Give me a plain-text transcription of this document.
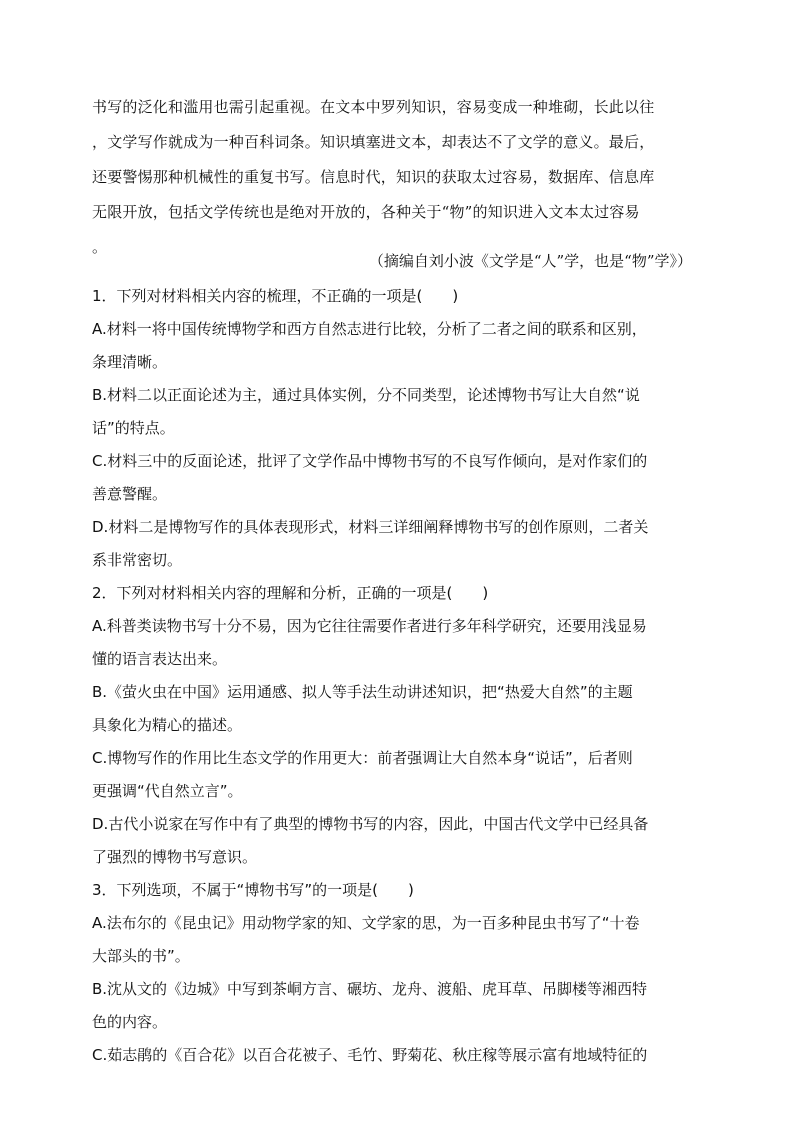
书写的泛化和滥用也需引起重视。在文本中罗列知识，容易变成一种堆砌，长此以往
，文学写作就成为一种百科词条。知识填塞进文本，却表达不了文学的意义。最后，
还要警惕那种机械性的重复书写。信息时代，知识的获取太过容易，数据库、信息库
无限开放，包括文学传统也是绝对开放的，各种关于“物”的知识进入文本太过容易
。
（摘编自刘小波《文学是“人”学，也是“物”学》）
1．下列对材料相关内容的梳理，不正确的一项是(　　)
A.材料一将中国传统博物学和西方自然志进行比较，分析了二者之间的联系和区别，
条理清晰。
B.材料二以正面论述为主，通过具体实例，分不同类型，论述博物书写让大自然“说
话”的特点。
C.材料三中的反面论述，批评了文学作品中博物书写的不良写作倾向，是对作家们的
善意警醒。
D.材料二是博物写作的具体表现形式，材料三详细阐释博物书写的创作原则，二者关
系非常密切。
2．下列对材料相关内容的理解和分析，正确的一项是(　　)
A.科普类读物书写十分不易，因为它往往需要作者进行多年科学研究，还要用浅显易
懂的语言表达出来。
B.《萤火虫在中国》运用通感、拟人等手法生动讲述知识，把“热爱大自然”的主题
具象化为精心的描述。
C.博物写作的作用比生态文学的作用更大：前者强调让大自然本身“说话”，后者则
更强调“代自然立言”。
D.古代小说家在写作中有了典型的博物书写的内容，因此，中国古代文学中已经具备
了强烈的博物书写意识。
3．下列选项，不属于“博物书写”的一项是(　　)
A.法布尔的《昆虫记》用动物学家的知、文学家的思，为一百多种昆虫书写了“十卷
大部头的书”。
B.沈从文的《边城》中写到茶峒方言、碾坊、龙舟、渡船、虎耳草、吊脚楼等湘西特
色的内容。
C.茹志鹃的《百合花》以百合花被子、毛竹、野菊花、秋庄稼等展示富有地域特征的
